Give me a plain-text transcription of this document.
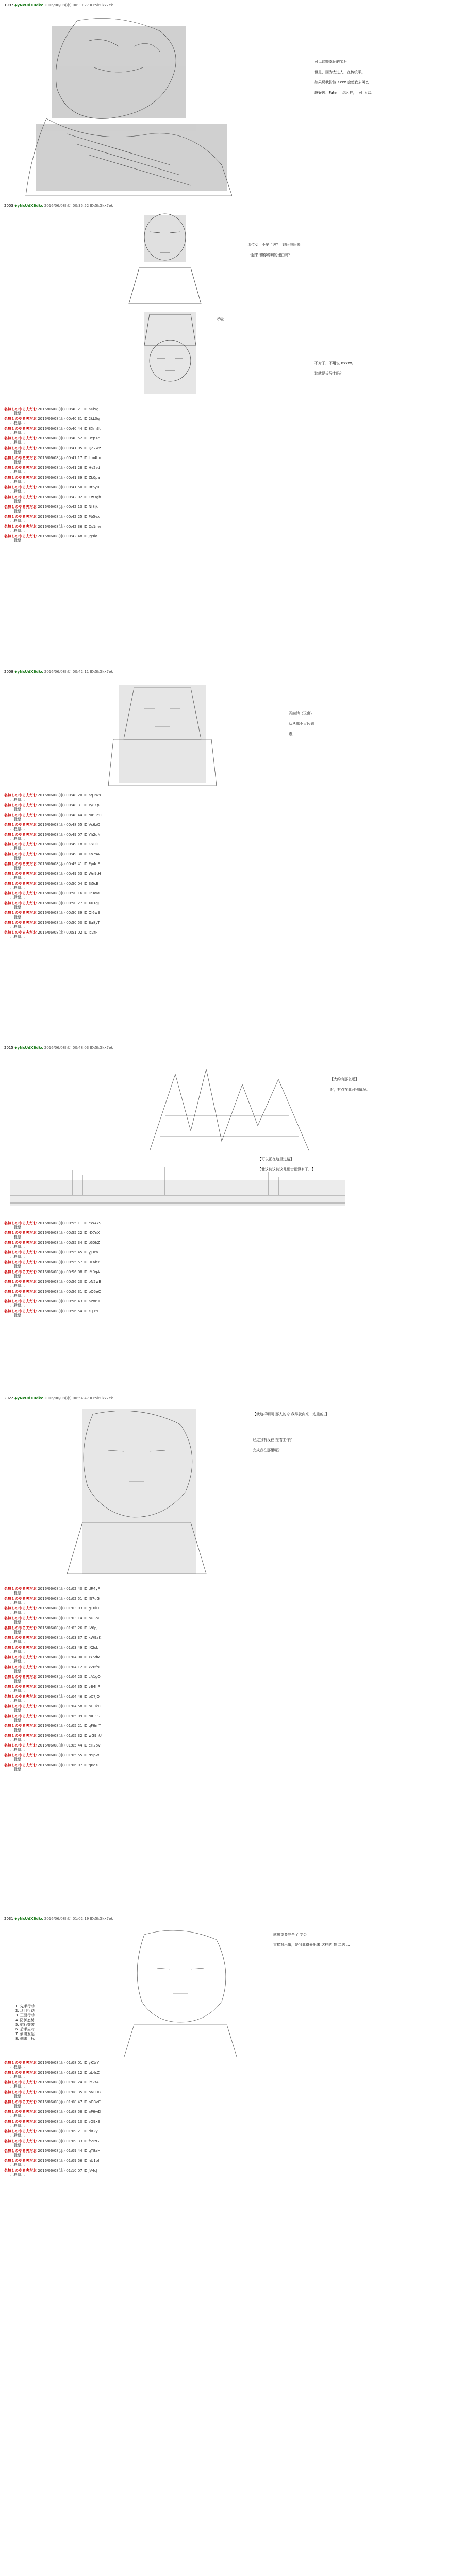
1997 ◆yNxUdXBdkc 2016/06/08(水) 00:30:27 ID:5kGkx7ek
可以这颗幸运的宝石

但是，因为太过人，在传统平。

如果说我扮演 Xxxx 会使我去叫么...

越好选用Fate     怎么样，  可 所以。
2003 ◆yNxUdXBdkc 2016/06/08(水) 00:35:52 ID:5kGkx7ek
那位女士不要了吗？  她问他后来

一起来 和你说明的理由吗？
呼啦
不对了，不用说 Bxxxx。

这就是拔异士吗？
名無しのやる夫だお 2016/06/08(水) 00:40:21 ID:aKi9g
…投票…
名無しのやる夫だお 2016/06/08(水) 00:40:31 ID:2kL0q
…投票…
名無しのやる夫だお 2016/06/08(水) 00:40:44 ID:8Xm3t
…投票…
名無しのやる夫だお 2016/06/08(水) 00:40:52 ID:uYp1c
…投票…
名無しのやる夫だお 2016/06/08(水) 00:41:05 ID:Qe7wz
…投票…
名無しのやる夫だお 2016/06/08(水) 00:41:17 ID:Lm4bn
…投票…
名無しのやる夫だお 2016/06/08(水) 00:41:28 ID:Hv2sd
…投票…
名無しのやる夫だお 2016/06/08(水) 00:41:39 ID:Zk0pa
…投票…
名無しのやる夫だお 2016/06/08(水) 00:41:50 ID:Rt6yu
…投票…
名無しのやる夫だお 2016/06/08(水) 00:42:02 ID:Cw3gh
…投票…
名無しのやる夫だお 2016/06/08(水) 00:42:13 ID:Nf8jk
…投票…
名無しのやる夫だお 2016/06/08(水) 00:42:25 ID:Pb5vx
…投票…
名無しのやる夫だお 2016/06/08(水) 00:42:36 ID:Ds1me
…投票…
名無しのやる夫だお 2016/06/08(水) 00:42:48 ID:Jg9lo
…投票…
2008 ◆yNxUdXBdkc 2016/06/08(水) 00:42:11 ID:5kGkx7ek
面向的（远离）

从从那不太远到

意，
名無しのやる夫だお 2016/06/08(水) 00:48:20 ID:aq1Ws
…投票…
名無しのやる夫だお 2016/06/08(水) 00:48:31 ID:Ty8Kp
…投票…
名無しのやる夫だお 2016/06/08(水) 00:48:44 ID:mB3eR
…投票…
名無しのやる夫だお 2016/06/08(水) 00:48:55 ID:Vc6zQ
…投票…
名無しのやる夫だお 2016/06/08(水) 00:49:07 ID:Yh2uN
…投票…
名無しのやる夫だお 2016/06/08(水) 00:49:18 ID:Gx0iL
…投票…
名無しのやる夫だお 2016/06/08(水) 00:49:30 ID:Ko7sA
…投票…
名無しのやる夫だお 2016/06/08(水) 00:49:41 ID:Ep4dF
…投票…
名無しのやる夫だお 2016/06/08(水) 00:49:53 ID:Wn9tH
…投票…
名無しのやる夫だお 2016/06/08(水) 00:50:04 ID:Sj5cB
…投票…
名無しのやる夫だお 2016/06/08(水) 00:50:16 ID:Fr3oM
…投票…
名無しのやる夫だお 2016/06/08(水) 00:50:27 ID:Xu1gJ
…投票…
名無しのやる夫だお 2016/06/08(水) 00:50:39 ID:Ql6wE
…投票…
名無しのやる夫だお 2016/06/08(水) 00:50:50 ID:Ba8yT
…投票…
名無しのやる夫だお 2016/06/08(水) 00:51:02 ID:Ic2rP
…投票…
2015 ◆yNxUdXBdkc 2016/06/08(水) 00:48:03 ID:5kGkx7ek
【大约有那么远】

对，有点在此时别情况。
【可以正在这里过路】

【我这边这边这儿那大都没有了...】
名無しのやる夫だお 2016/06/08(水) 00:55:11 ID:eW4kS
…投票…
名無しのやる夫だお 2016/06/08(水) 00:55:22 ID:rD7nX
…投票…
名無しのやる夫だお 2016/06/08(水) 00:55:34 ID:tG0hZ
…投票…
名無しのやる夫だお 2016/06/08(水) 00:55:45 ID:yJ3cV
…投票…
名無しのやる夫だお 2016/06/08(水) 00:55:57 ID:uL6bY
…投票…
名無しのやる夫だお 2016/06/08(水) 00:56:08 ID:iM9qA
…投票…
名無しのやる夫だお 2016/06/08(水) 00:56:20 ID:oN2wB
…投票…
名無しのやる夫だお 2016/06/08(水) 00:56:31 ID:pO5eC
…投票…
名無しのやる夫だお 2016/06/08(水) 00:56:43 ID:aP8rD
…投票…
名無しのやる夫だお 2016/06/08(水) 00:56:54 ID:sQ1tE
…投票…
2022 ◆yNxUdXBdkc 2016/06/08(水) 00:54:47 ID:5kGkx7ek
【就这样明明 那人的今 我早就向来一边重的。】

经过我有没在 接着工作？

完成我在那里呢？
名無しのやる夫だお 2016/06/08(水) 01:02:40 ID:dR4yF
…投票…
名無しのやる夫だお 2016/06/08(水) 01:02:51 ID:fS7uG
…投票…
名無しのやる夫だお 2016/06/08(水) 01:03:03 ID:gT0iH
…投票…
名無しのやる夫だお 2016/06/08(水) 01:03:14 ID:hU3oI
…投票…
名無しのやる夫だお 2016/06/08(水) 01:03:26 ID:jV6pJ
…投票…
名無しのやる夫だお 2016/06/08(水) 01:03:37 ID:kW9aK
…投票…
名無しのやる夫だお 2016/06/08(水) 01:03:49 ID:lX2sL
…投票…
名無しのやる夫だお 2016/06/08(水) 01:04:00 ID:zY5dM
…投票…
名無しのやる夫だお 2016/06/08(水) 01:04:12 ID:xZ8fN
…投票…
名無しのやる夫だお 2016/06/08(水) 01:04:23 ID:cA1gO
…投票…
名無しのやる夫だお 2016/06/08(水) 01:04:35 ID:vB4hP
…投票…
名無しのやる夫だお 2016/06/08(水) 01:04:46 ID:bC7jQ
…投票…
名無しのやる夫だお 2016/06/08(水) 01:04:58 ID:nD0kR
…投票…
名無しのやる夫だお 2016/06/08(水) 01:05:09 ID:mE3lS
…投票…
名無しのやる夫だお 2016/06/08(水) 01:05:21 ID:qF6mT
…投票…
名無しのやる夫だお 2016/06/08(水) 01:05:32 ID:wG9nU
…投票…
名無しのやる夫だお 2016/06/08(水) 01:05:44 ID:eH2oV
…投票…
名無しのやる夫だお 2016/06/08(水) 01:05:55 ID:rI5pW
…投票…
名無しのやる夫だお 2016/06/08(水) 01:06:07 ID:tJ8qX
…投票…
2031 ◆yNxUdXBdkc 2016/06/08(水) 01:02:19 ID:5kGkx7ek
就感觉要完全了 学会

直接对出做，是我此得最出来 这样的 我 二选 ...
1. 先手行动
2. 迂回行动
3. 正面行动
4. 防御态势
5. 蛇行突破
6. 后手应对
7. 偷袭发起
8. 侧击目标
名無しのやる夫だお 2016/06/08(水) 01:08:01 ID:yK1rY
…投票…
名無しのやる夫だお 2016/06/08(水) 01:08:12 ID:uL4sZ
…投票…
名無しのやる夫だお 2016/06/08(水) 01:08:24 ID:iM7tA
…投票…
名無しのやる夫だお 2016/06/08(水) 01:08:35 ID:oN0uB
…投票…
名無しのやる夫だお 2016/06/08(水) 01:08:47 ID:pO3vC
…投票…
名無しのやる夫だお 2016/06/08(水) 01:08:58 ID:aP6wD
…投票…
名無しのやる夫だお 2016/06/08(水) 01:09:10 ID:sQ9xE
…投票…
名無しのやる夫だお 2016/06/08(水) 01:09:21 ID:dR2yF
…投票…
名無しのやる夫だお 2016/06/08(水) 01:09:33 ID:fS5zG
…投票…
名無しのやる夫だお 2016/06/08(水) 01:09:44 ID:gT8aH
…投票…
名無しのやる夫だお 2016/06/08(水) 01:09:56 ID:hU1bI
…投票…
名無しのやる夫だお 2016/06/08(水) 01:10:07 ID:jV4cJ
…投票…
